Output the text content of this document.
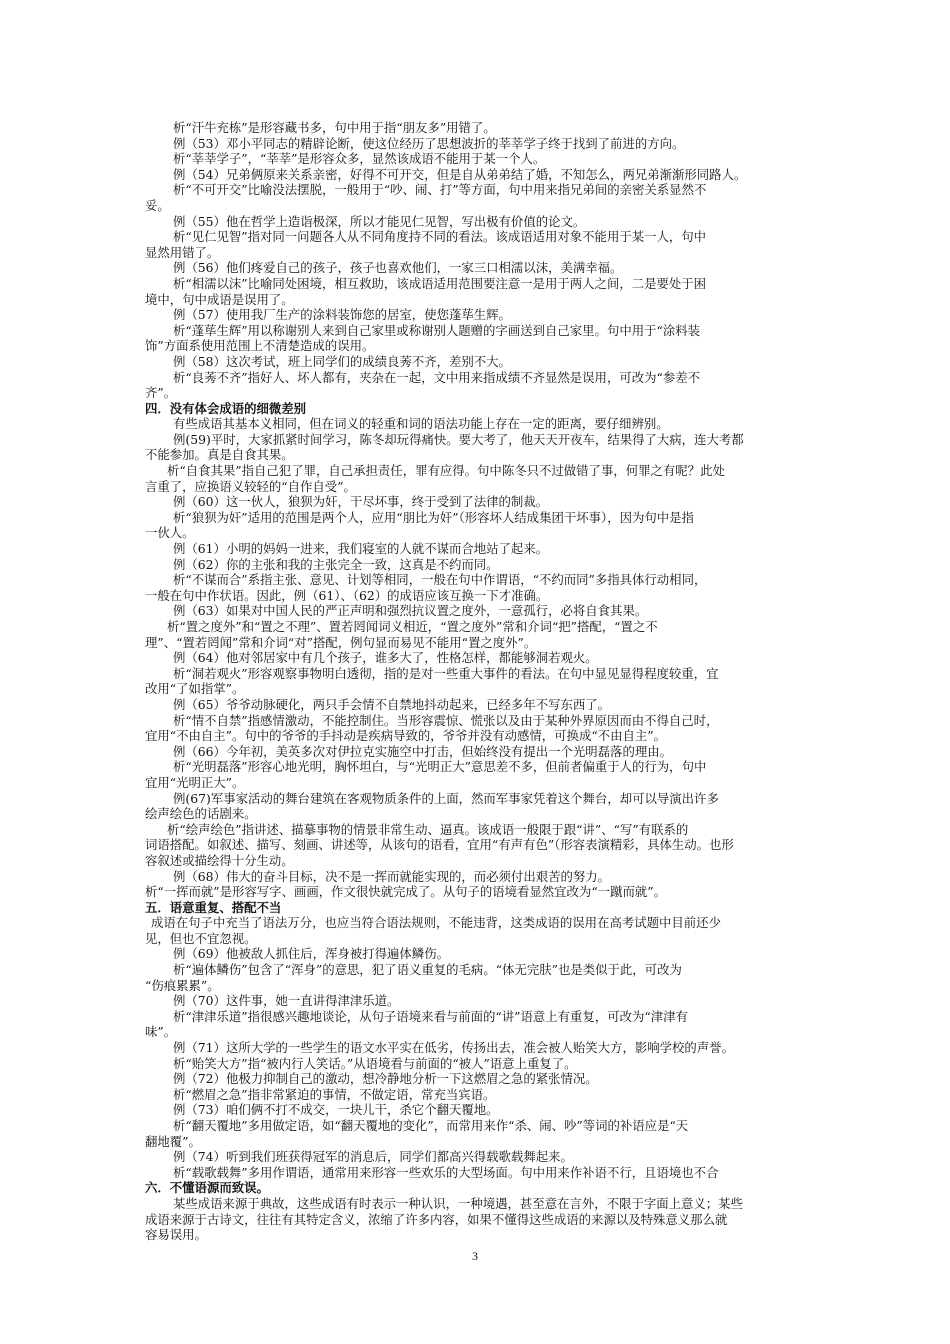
析“汗牛充栋”是形容藏书多，句中用于指“朋友多”用错了。
例（53）邓小平同志的精辟论断，使这位经历了思想波折的莘莘学子终于找到了前进的方向。
析“莘莘学子”，“莘莘”是形容众多，显然该成语不能用于某一个人。
例（54）兄弟俩原来关系亲密，好得不可开交，但是自从弟弟结了婚，不知怎么，两兄弟渐渐形同路人。
析“不可开交”比喻没法摆脱，一般用于“吵、闹、打”等方面，句中用来指兄弟间的亲密关系显然不
妥。
例（55）他在哲学上造诣极深，所以才能见仁见智，写出极有价值的论文。
析“见仁见智”指对同一问题各人从不同角度持不同的看法。该成语适用对象不能用于某一人，句中
显然用错了。
例（56）他们疼爱自己的孩子，孩子也喜欢他们，一家三口相濡以沫，美满幸福。
析“相濡以沫”比喻同处困境，相互救助，该成语适用范围要注意一是用于两人之间，二是要处于困
境中，句中成语是误用了。
例（57）使用我厂生产的涂料装饰您的居室，使您蓬荜生辉。
析“蓬荜生辉”用以称谢别人来到自己家里或称谢别人题赠的字画送到自己家里。句中用于“涂料装
饰”方面系使用范围上不清楚造成的误用。
例（58）这次考试，班上同学们的成绩良莠不齐，差别不大。
析“良莠不齐”指好人、坏人都有，夹杂在一起，文中用来指成绩不齐显然是误用，可改为“参差不
齐”。
四．没有体会成语的细微差别
有些成语其基本义相同，但在词义的轻重和词的语法功能上存在一定的距离，要仔细辨别。
例(59)平时，大家抓紧时间学习，陈冬却玩得痛快。要大考了，他天天开夜车，结果得了大病，连大考都
不能参加。真是自食其果。
析“自食其果”指自己犯了罪，自己承担责任，罪有应得。句中陈冬只不过做错了事，何罪之有呢？此处
言重了，应换语义较轻的“自作自受”。
例（60）这一伙人，狼狈为奸，干尽坏事，终于受到了法律的制裁。
析“狼狈为奸”适用的范围是两个人，应用“朋比为奸”（形容坏人结成集团干坏事），因为句中是指
一伙人。
例（61）小明的妈妈一进来，我们寝室的人就不谋而合地站了起来。
例（62）你的主张和我的主张完全一致，这真是不约而同。
析“不谋而合”系指主张、意见、计划等相同，一般在句中作谓语，“不约而同”多指具体行动相同，
一般在句中作状语。因此，例（61）、（62）的成语应该互换一下才准确。
例（63）如果对中国人民的严正声明和强烈抗议置之度外，一意孤行，必将自食其果。
析“置之度外”和“置之不理”、置若罔闻词义相近，“置之度外”常和介词“把”搭配，“置之不
理”、“置若罔闻”常和介词“对”搭配，例句显而易见不能用“置之度外”。
例（64）他对邻居家中有几个孩子，谁多大了，性格怎样，都能够洞若观火。
析“洞若观火”形容观察事物明白透彻，指的是对一些重大事件的看法。在句中显见显得程度较重，宜
改用“了如指掌”。
例（65）爷爷动脉硬化，两只手会情不自禁地抖动起来，已经多年不写东西了。
析“情不自禁”指感情激动，不能控制住。当形容震惊、慌张以及由于某种外界原因而由不得自己时，
宜用“不由自主”。句中的爷爷的手抖动是疾病导致的，爷爷并没有动感情，可换成“不由自主”。
例（66）今年初，美英多次对伊拉克实施空中打击，但始终没有提出一个光明磊落的理由。
析“光明磊落”形容心地光明，胸怀坦白，与“光明正大”意思差不多，但前者偏重于人的行为，句中
宜用“光明正大”。
例(67)军事家活动的舞台建筑在客观物质条件的上面，然而军事家凭着这个舞台，却可以导演出许多
绘声绘色的话剧来。
析“绘声绘色”指讲述、描摹事物的情景非常生动、逼真。该成语一般限于跟“讲”、“写”有联系的
词语搭配。如叙述、描写、刻画、讲述等，从该句的语看，宜用“有声有色”（形容表演精彩，具体生动。也形
容叙述或描绘得十分生动。
例（68）伟大的奋斗目标，决不是一挥而就能实现的，而必须付出艰苦的努力。
析“一挥而就”是形容写字、画画，作文很快就完成了。从句子的语境看显然宜改为“一蹴而就”。
五．语意重复、搭配不当
成语在句子中充当了语法万分，也应当符合语法规则，不能违背，这类成语的误用在高考试题中目前还少
见，但也不宜忽视。
例（69）他被敌人抓住后，浑身被打得遍体鳞伤。
析“遍体鳞伤”包含了“浑身”的意思，犯了语义重复的毛病。“体无完肤”也是类似于此，可改为
“伤痕累累”。
例（70）这件事，她一直讲得津津乐道。
析“津津乐道”指很感兴趣地谈论，从句子语境来看与前面的“讲”语意上有重复，可改为“津津有
味”。
例（71）这所大学的一些学生的语文水平实在低劣，传扬出去，准会被人贻笑大方，影响学校的声誉。
析“贻笑大方”指“被内行人笑话。”从语境看与前面的“被人”语意上重复了。
例（72）他极力抑制自己的激动，想冷静地分析一下这燃眉之急的紧张情况。
析“燃眉之急”指非常紧迫的事情，不做定语，常充当宾语。
例（73）咱们俩不打不成交，一块儿干，杀它个翻天覆地。
析“翻天覆地”多用做定语，如“翻天覆地的变化”，而常用来作“杀、闹、吵”等词的补语应是“天
翻地覆”。
例（74）听到我们班获得冠军的消息后，同学们都高兴得载歌载舞起来。
析“载歌载舞”多用作谓语，通常用来形容一些欢乐的大型场面。句中用来作补语不行，且语境也不合
六．不懂语源而致误。
某些成语来源于典故，这些成语有时表示一种认识，一种境遇，甚至意在言外，不限于字面上意义；某些
成语来源于古诗文，往往有其特定含义，浓缩了许多内容，如果不懂得这些成语的来源以及特殊意义那么就
容易误用。
3
